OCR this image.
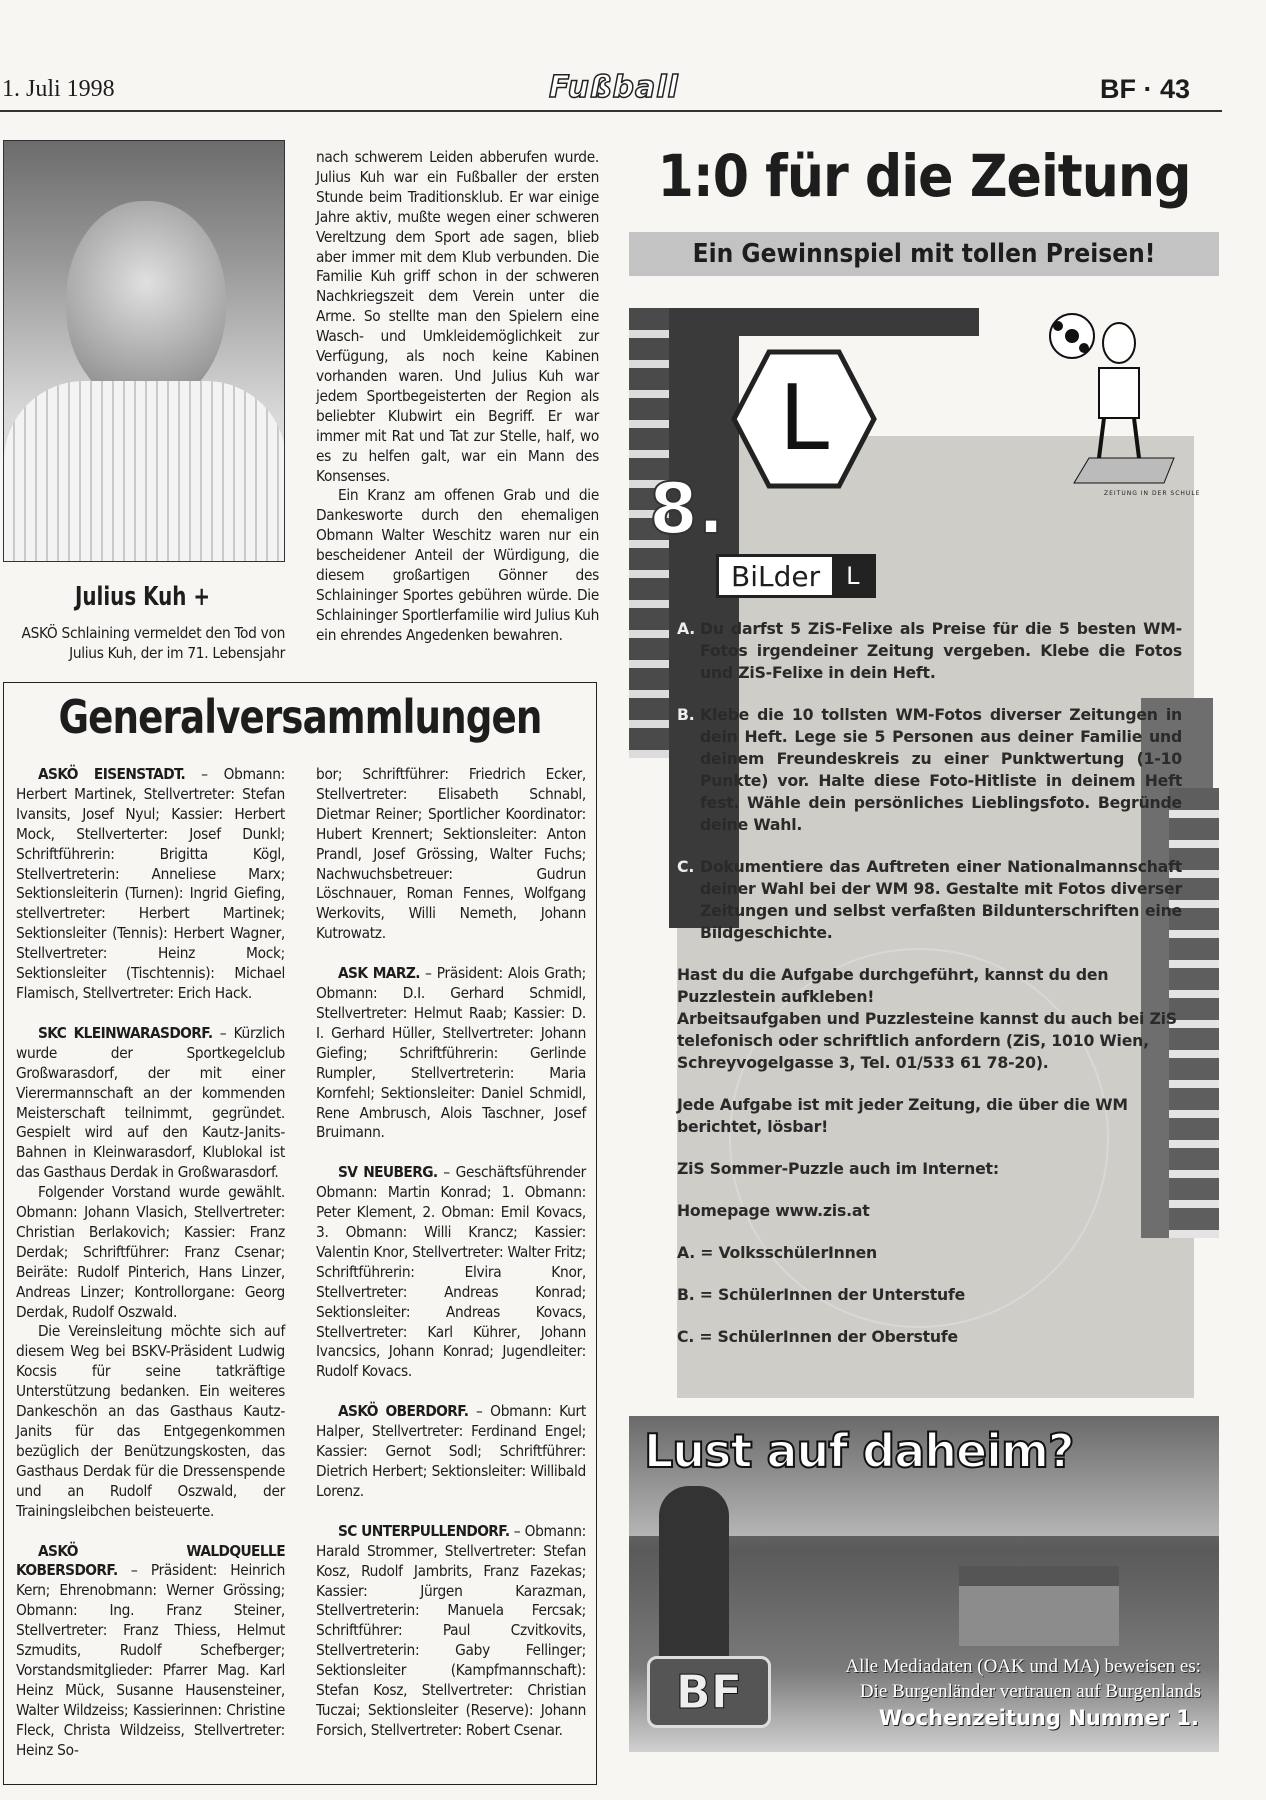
1. Juli 1998	Fußball	BF · 43
Julius Kuh +
ASKÖ Schlaining vermeldet den Tod von Julius Kuh, der im 71. Lebensjahr

nach schwerem Leiden abberufen wurde. Julius Kuh war ein Fußballer der ersten Stunde beim Traditionsklub. Er war einige Jahre aktiv, mußte wegen einer schweren Vereltzung dem Sport ade sagen, blieb aber immer mit dem Klub verbunden. Die Familie Kuh griff schon in der schweren Nachkriegszeit dem Verein unter die Arme. So stellte man den Spielern eine Wasch- und Umkleidemöglichkeit zur Verfügung, als noch keine Kabinen vorhanden waren. Und Julius Kuh war jedem Sportbegeisterten der Region als beliebter Klubwirt ein Begriff. Er war immer mit Rat und Tat zur Stelle, half, wo es zu helfen galt, war ein Mann des Konsenses.

Ein Kranz am offenen Grab und die Dankesworte durch den ehemaligen Obmann Walter Weschitz waren nur ein bescheidener Anteil der Würdigung, die diesem großartigen Gönner des Schlaininger Sportes gebühren würde. Die Schlaininger Sportlerfamilie wird Julius Kuh ein ehrendes Angedenken bewahren.

Generalversammlungen

ASKÖ EISENSTADT. – Obmann: Herbert Martinek, Stellvertreter: Stefan Ivansits, Josef Nyul; Kassier: Herbert Mock, Stellverterter: Josef Dunkl; Schriftführerin: Brigitta Kögl, Stellvertreterin: Anneliese Marx; Sektionsleiterin (Turnen): Ingrid Giefing, stellvertreter: Herbert Martinek; Sektionsleiter (Tennis): Herbert Wagner, Stellvertreter: Heinz Mock; Sektionsleiter (Tischtennis): Michael Flamisch, Stellvertreter: Erich Hack.

SKC KLEINWARASDORF. – Kürzlich wurde der Sportkegelclub Großwarasdorf, der mit einer Vierermannschaft an der kommenden Meisterschaft teilnimmt, gegründet. Gespielt wird auf den Kautz-Janits-Bahnen in Kleinwarasdorf, Klublokal ist das Gasthaus Derdak in Großwarasdorf.

Folgender Vorstand wurde gewählt. Obmann: Johann Vlasich, Stellvertreter: Christian Berlakovich; Kassier: Franz Derdak; Schriftführer: Franz Csenar; Beiräte: Rudolf Pinterich, Hans Linzer, Andreas Linzer; Kontrollorgane: Georg Derdak, Rudolf Oszwald.

Die Vereinsleitung möchte sich auf diesem Weg bei BSKV-Präsident Ludwig Kocsis für seine tatkräftige Unterstützung bedanken. Ein weiteres Dankeschön an das Gasthaus Kautz-Janits für das Entgegenkommen bezüglich der Benützungskosten, das Gasthaus Derdak für die Dressenspende und an Rudolf Oszwald, der Trainingsleibchen beisteuerte.

ASKÖ WALDQUELLE KOBERSDORF. – Präsident: Heinrich Kern; Ehrenobmann: Werner Grössing; Obmann: Ing. Franz Steiner, Stellvertreter: Franz Thiess, Helmut Szmudits, Rudolf Schefberger; Vorstandsmitglieder: Pfarrer Mag. Karl Heinz Mück, Susanne Hausensteiner, Walter Wildzeiss; Kassierinnen: Christine Fleck, Christa Wildzeiss, Stellvertreter: Heinz So-

bor; Schriftführer: Friedrich Ecker, Stellvertreter: Elisabeth Schnabl, Dietmar Reiner; Sportlicher Koordinator: Hubert Krennert; Sektionsleiter: Anton Prandl, Josef Grössing, Walter Fuchs; Nachwuchsbetreuer: Gudrun Löschnauer, Roman Fennes, Wolfgang Werkovits, Willi Nemeth, Johann Kutrowatz.

ASK MARZ. – Präsident: Alois Grath; Obmann: D.I. Gerhard Schmidl, Stellvertreter: Helmut Raab; Kassier: D. I. Gerhard Hüller, Stellvertreter: Johann Giefing; Schriftführerin: Gerlinde Rumpler, Stellvertreterin: Maria Kornfehl; Sektionsleiter: Daniel Schmidl, Rene Ambrusch, Alois Taschner, Josef Bruimann.

SV NEUBERG. – Geschäftsführender Obmann: Martin Konrad; 1. Obmann: Peter Klement, 2. Obman: Emil Kovacs, 3. Obmann: Willi Krancz; Kassier: Valentin Knor, Stellvertreter: Walter Fritz; Schriftführerin: Elvira Knor, Stellvertreter: Andreas Konrad; Sektionsleiter: Andreas Kovacs, Stellvertreter: Karl Kührer, Johann Ivancsics, Johann Konrad; Jugendleiter: Rudolf Kovacs.

ASKÖ OBERDORF. – Obmann: Kurt Halper, Stellvertreter: Ferdinand Engel; Kassier: Gernot Sodl; Schriftführer: Dietrich Herbert; Sektionsleiter: Willibald Lorenz.

SC UNTERPULLENDORF. – Obmann: Harald Strommer, Stellvertreter: Stefan Kosz, Rudolf Jambrits, Franz Fazekas; Kassier: Jürgen Karazman, Stellvertreterin: Manuela Fercsak; Schriftführer: Paul Czvitkovits, Stellvertreterin: Gaby Fellinger; Sektionsleiter (Kampfmannschaft): Stefan Kosz, Stellvertreter: Christian Tuczai; Sektionsleiter (Reserve): Johann Forsich, Stellvertreter: Robert Csenar.

1:0 für die Zeitung
Ein Gewinnspiel mit tollen Preisen!
L
8.
BiLder	L
ZEITUNG IN DER SCHULE
A. Du darfst 5 ZiS-Felixe als Preise für die 5 besten WM- Fotos irgendeiner Zeitung vergeben. Klebe die Fotos und ZiS-Felixe in dein Heft.
B. Klebe die 10 tollsten WM-Fotos diverser Zeitungen in dein Heft. Lege sie 5 Personen aus deiner Familie und deinem Freundeskreis zu einer Punktwertung (1-10 Punkte) vor. Halte diese Foto-Hitliste in deinem Heft fest. Wähle dein persönliches Lieblingsfoto. Begründe deine Wahl.
C. Dokumentiere das Auftreten einer Nationalmannschaft deiner Wahl bei der WM 98. Gestalte mit Fotos diverser Zeitungen und selbst verfaßten Bildunterschriften eine Bildgeschichte.

Hast du die Aufgabe durchgeführt, kannst du den Puzzlestein aufkleben!

Arbeitsaufgaben und Puzzlesteine kannst du auch bei ZiS telefonisch oder schriftlich anfordern (ZiS, 1010 Wien, Schreyvogelgasse 3, Tel. 01/533 61 78-20).

Jede Aufgabe ist mit jeder Zeitung, die über die WM berichtet, lösbar!

ZiS Sommer-Puzzle auch im Internet:

Homepage www.zis.at

A. = VolksschülerInnen

B. = SchülerInnen der Unterstufe

C. = SchülerInnen der Oberstufe

Lust auf daheim?
BF	Alle Mediadaten (OAK und MA) beweisen es:
Die Burgenländer vertrauen auf Burgenlands
Wochenzeitung Nummer 1.
